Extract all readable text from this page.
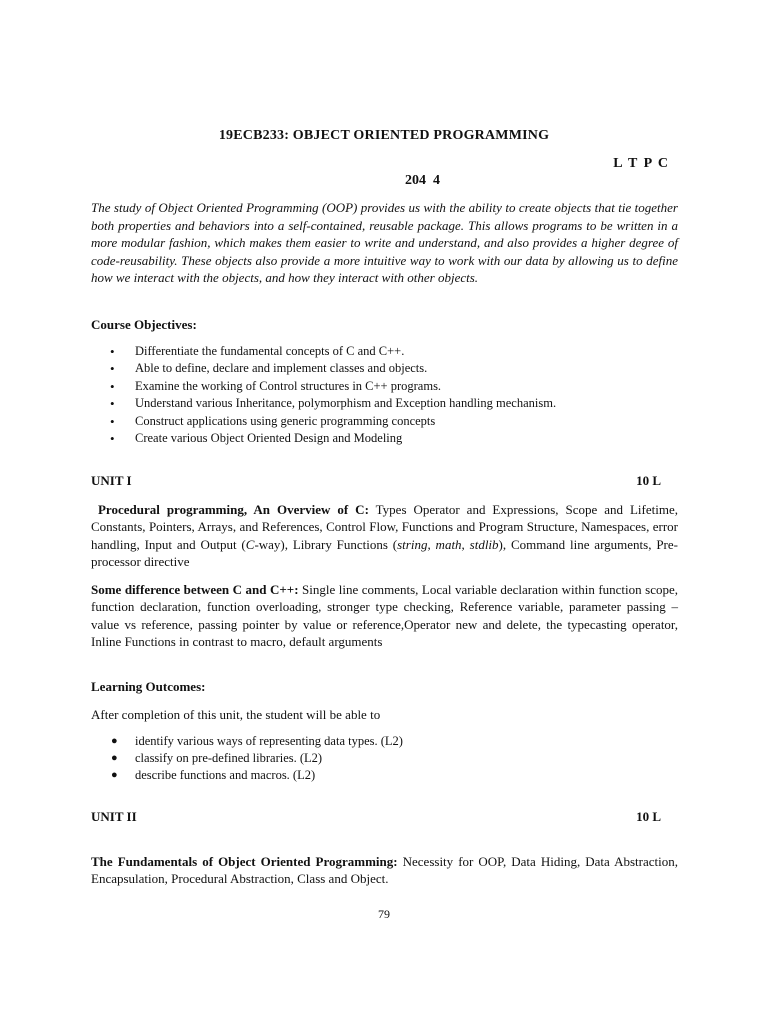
19ECB233: OBJECT ORIENTED PROGRAMMING
L T P C
204  4
The study of Object Oriented Programming (OOP) provides us with the ability to create objects that tie together both properties and behaviors into a self-contained, reusable package. This allows programs to be written in a more modular fashion, which makes them easier to write and understand, and also provides a higher degree of code-reusability. These objects also provide a more intuitive way to work with our data by allowing us to define how we interact with the objects, and how they interact with other objects.
Course Objectives:
• Differentiate the fundamental concepts of C and C++.
• Able to define, declare and implement classes and objects.
• Examine the working of Control structures in C++ programs.
• Understand various Inheritance, polymorphism and Exception handling mechanism.
• Construct applications using generic programming concepts
• Create various Object Oriented Design and Modeling
UNIT I	10 L
Procedural programming, An Overview of C: Types Operator and Expressions, Scope and Lifetime, Constants, Pointers, Arrays, and References, Control Flow, Functions and Program Structure, Namespaces, error handling, Input and Output (C-way), Library Functions (string, math, stdlib), Command line arguments, Pre-processor directive
Some difference between C and C++: Single line comments, Local variable declaration within function scope, function declaration, function overloading, stronger type checking, Reference variable, parameter passing – value vs reference, passing pointer by value or reference,Operator new and delete, the typecasting operator, Inline Functions in contrast to macro, default arguments
Learning Outcomes:
After completion of this unit, the student will be able to
● identify various ways of representing data types. (L2)
● classify on pre-defined libraries. (L2)
● describe functions and macros. (L2)
UNIT II	10 L
The Fundamentals of Object Oriented Programming: Necessity for OOP, Data Hiding, Data Abstraction, Encapsulation, Procedural Abstraction, Class and Object.
79
